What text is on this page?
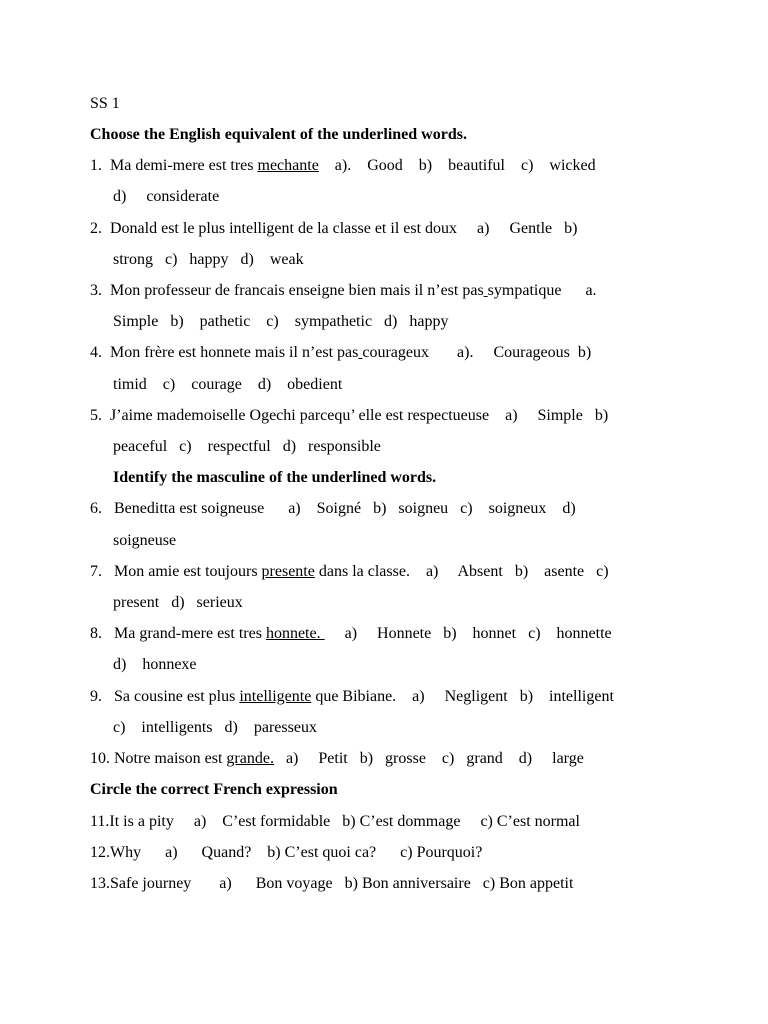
SS 1
Choose the English equivalent of the underlined words.
1. Ma demi-mere est tres mechante    a).    Good    b)    beautiful    c)    wicked
d)     considerate
2. Donald est le plus intelligent de la classe et il est doux     a)     Gentle   b)
strong   c)   happy   d)    weak
3. Mon professeur de francais enseigne bien mais il n’est pas sympatique      a.
Simple   b)    pathetic    c)    sympathetic   d)   happy
4. Mon frère est honnete mais il n’est pas courageux       a).     Courageous  b)
timid    c)    courage    d)    obedient
5. J’aime mademoiselle Ogechi parcequ’ elle est respectueuse    a)     Simple   b)
peaceful   c)    respectful   d)   responsible
Identify the masculine of the underlined words.
6.   Beneditta est soigneuse      a)    Soigné   b)   soigneu   c)    soigneux    d)
soigneuse
7.   Mon amie est toujours presente dans la classe.    a)     Absent   b)    asente   c)
present   d)   serieux
8.   Ma grand-mere est tres honnete.      a)     Honnete   b)    honnet   c)    honnette
d)    honnexe
9.   Sa cousine est plus intelligente que Bibiane.    a)     Negligent   b)    intelligent
c)    intelligents   d)    paresseux
10. Notre maison est grande.   a)     Petit   b)   grosse    c)   grand    d)     large
Circle the correct French expression
11.It is a pity     a)    C’est formidable   b) C’est dommage     c) C’est normal
12.Why      a)      Quand?    b) C’est quoi ca?      c) Pourquoi?
13.Safe journey       a)      Bon voyage   b) Bon anniversaire   c) Bon appetit
